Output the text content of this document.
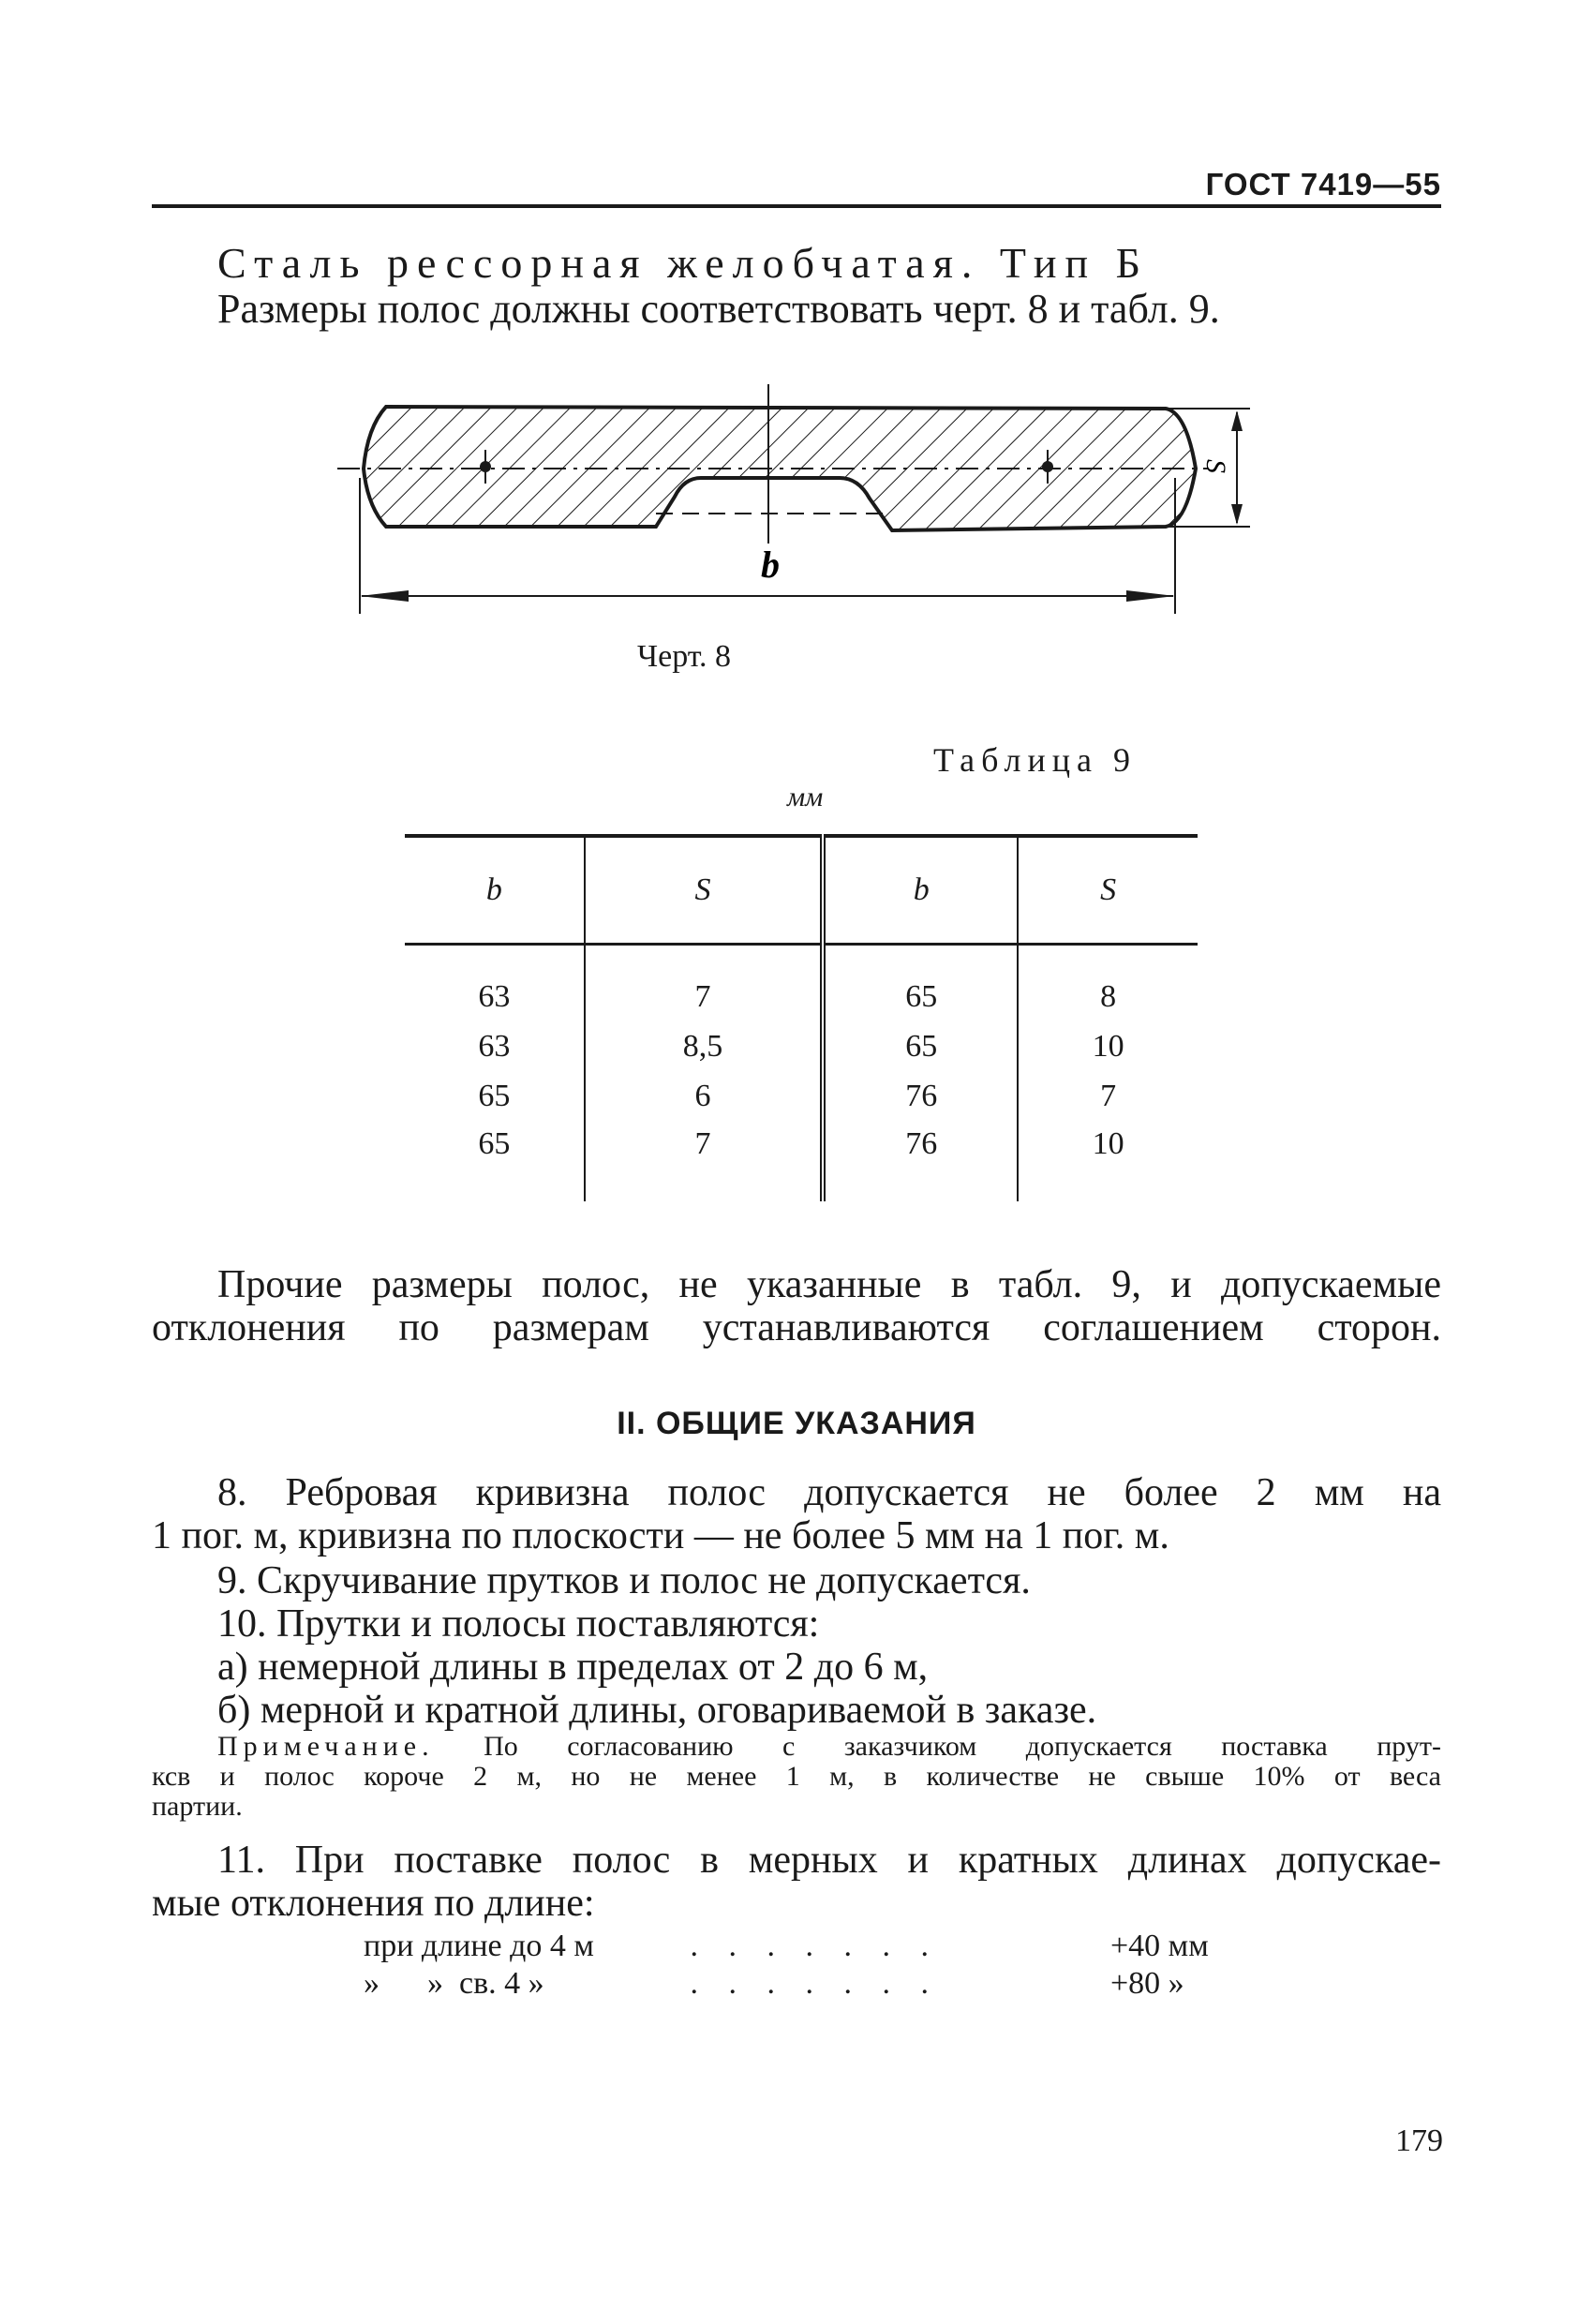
ГОСТ 7419—55
Сталь рессорная желобчатая. Тип Б
Размеры полос должны соответствовать черт. 8 и табл. 9.
S
b
Черт. 8
Таблица 9
мм
b	S	b	S
63	7	65	8
63	8,5	65	10
65	6	76	7
65	7	76	10
Прочие размеры полос, не указанные в табл. 9, и допускаемые
отклонения по размерам устанавливаются соглашением сторон.
II. ОБЩИЕ УКАЗАНИЯ
8. Ребровая кривизна полос допускается не более 2 мм на
1 пог. м, кривизна по плоскости — не более 5 мм на 1 пог. м.
9. Скручивание прутков и полос не допускается.
10. Прутки и полосы поставляются:
а) немерной длины в пределах от 2 до 6 м,
б) мерной и кратной длины, оговариваемой в заказе.
Примечание. По согласованию с заказчиком допускается поставка прут-
ксв и полос короче 2 м, но не менее 1 м, в количестве не свыше 10% от веса
партии.
11. При поставке полос в мерных и кратных длинах допускае-
мые отклонения по длине:
при длине до 4 м	. . . . . . .	+40 мм
»      »  св. 4 »	. . . . . . .	+80 »
179
